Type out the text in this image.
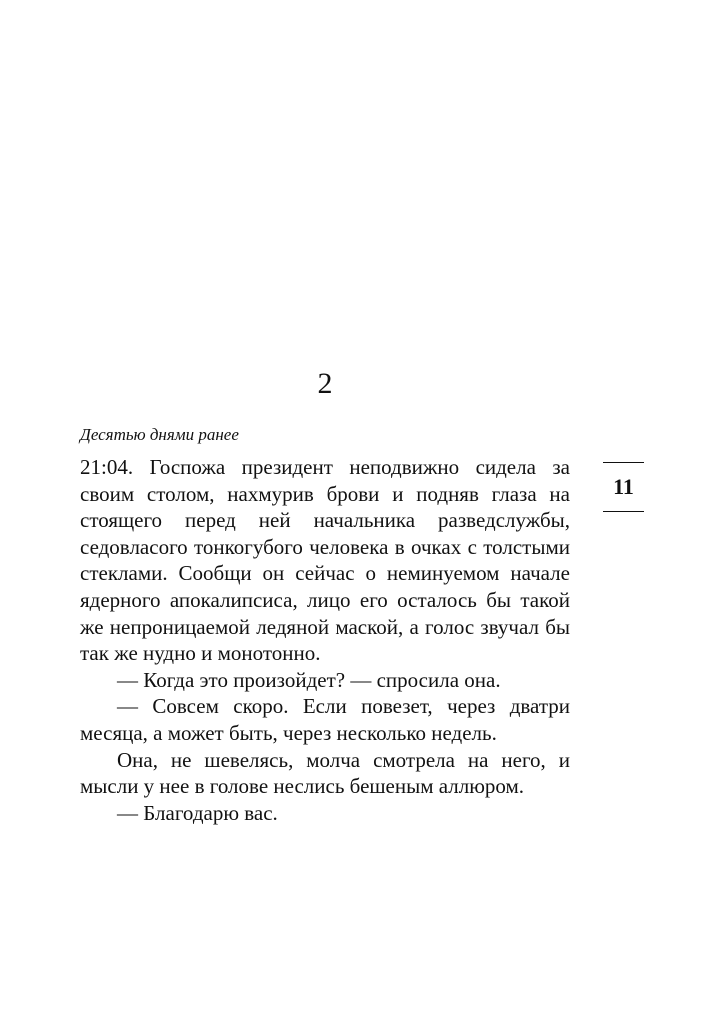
2
Десятью днями ранее

21:04. Госпожа президент неподвижно сидела за своим столом, нахмурив брови и подняв глаза на стоящего перед ней начальника разведслужбы, седовласого тонкогубого человека в очках с толстыми стеклами. Сообщи он сейчас о неминуемом начале ядерного апокалипсиса, лицо его осталось бы такой же непроницаемой ледяной маской, а голос звучал бы так же нудно и монотонно.

— Когда это произойдет? — спросила она.

— Совсем скоро. Если повезет, через дватри месяца, а может быть, через несколько недель.

Она, не шевелясь, молча смотрела на него, и мысли у нее в голове неслись бешеным аллюром.

— Благодарю вас.

11
